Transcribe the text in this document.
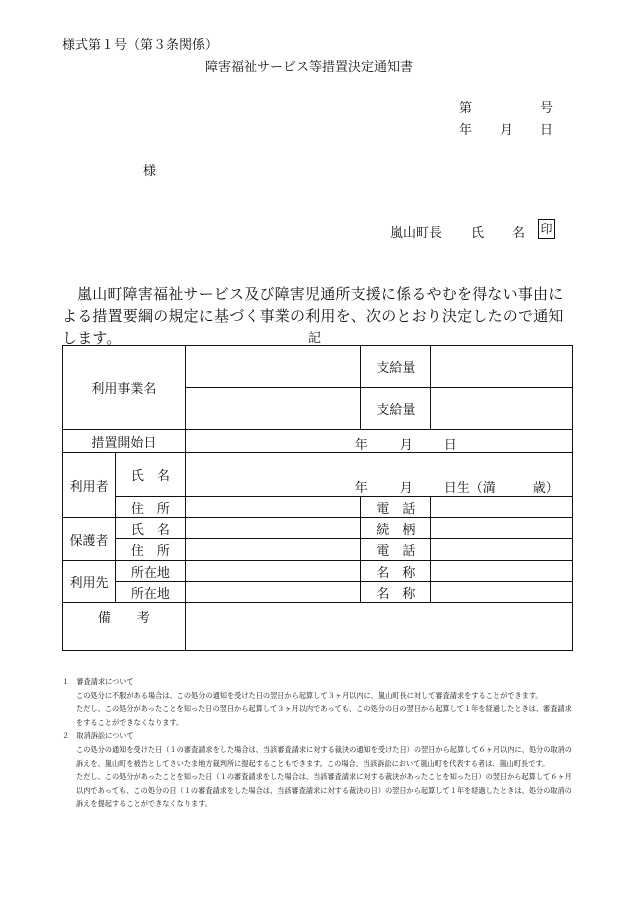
様式第１号（第３条関係）
障害福祉サービス等措置決定通知書
第	号
年 月 日
様
嵐山町長 氏 名 印
嵐山町障害福祉サービス及び障害児通所支援に係るやむを得ない事由による措置要綱の規定に基づく事業の利用を、次のとおり決定したので通知します。	記
利用事業名			支給量	
			支給量	
措置開始日		年 月 日		

利用者	氏　名	年 月 日生（満 歳）		

	住　所		電　話	
保護者	氏　名		続　柄	
	住　所		電　話	
利用先	所在地		名　称	
	所在地		名　称	
備　　考				

１　審査請求について

この処分に不服がある場合は、この処分の通知を受けた日の翌日から起算して３ヶ月以内に、嵐山町長に対して審査請求をすることができます。

ただし、この処分があったことを知った日の翌日から起算して３ヶ月以内であっても、この処分の日の翌日から起算して１年を経過したときは、審査請求をすることができなくなります。

２　取消訴訟について

この処分の通知を受けた日（１の審査請求をした場合は、当該審査請求に対する裁決の通知を受けた日）の翌日から起算して６ヶ月以内に、処分の取消の訴えを、嵐山町を被告としてさいたま地方裁判所に提起することもできます。この場合、当該訴訟において嵐山町を代表する者は、嵐山町長です。

ただし、この処分があったことを知った日（１の審査請求をした場合は、当該審査請求に対する裁決があったことを知った日）の翌日から起算して６ヶ月以内であっても、この処分の日（１の審査請求をした場合は、当該審査請求に対する裁決の日）の翌日から起算して１年を経過したときは、処分の取消の訴えを提起することができなくなります。
